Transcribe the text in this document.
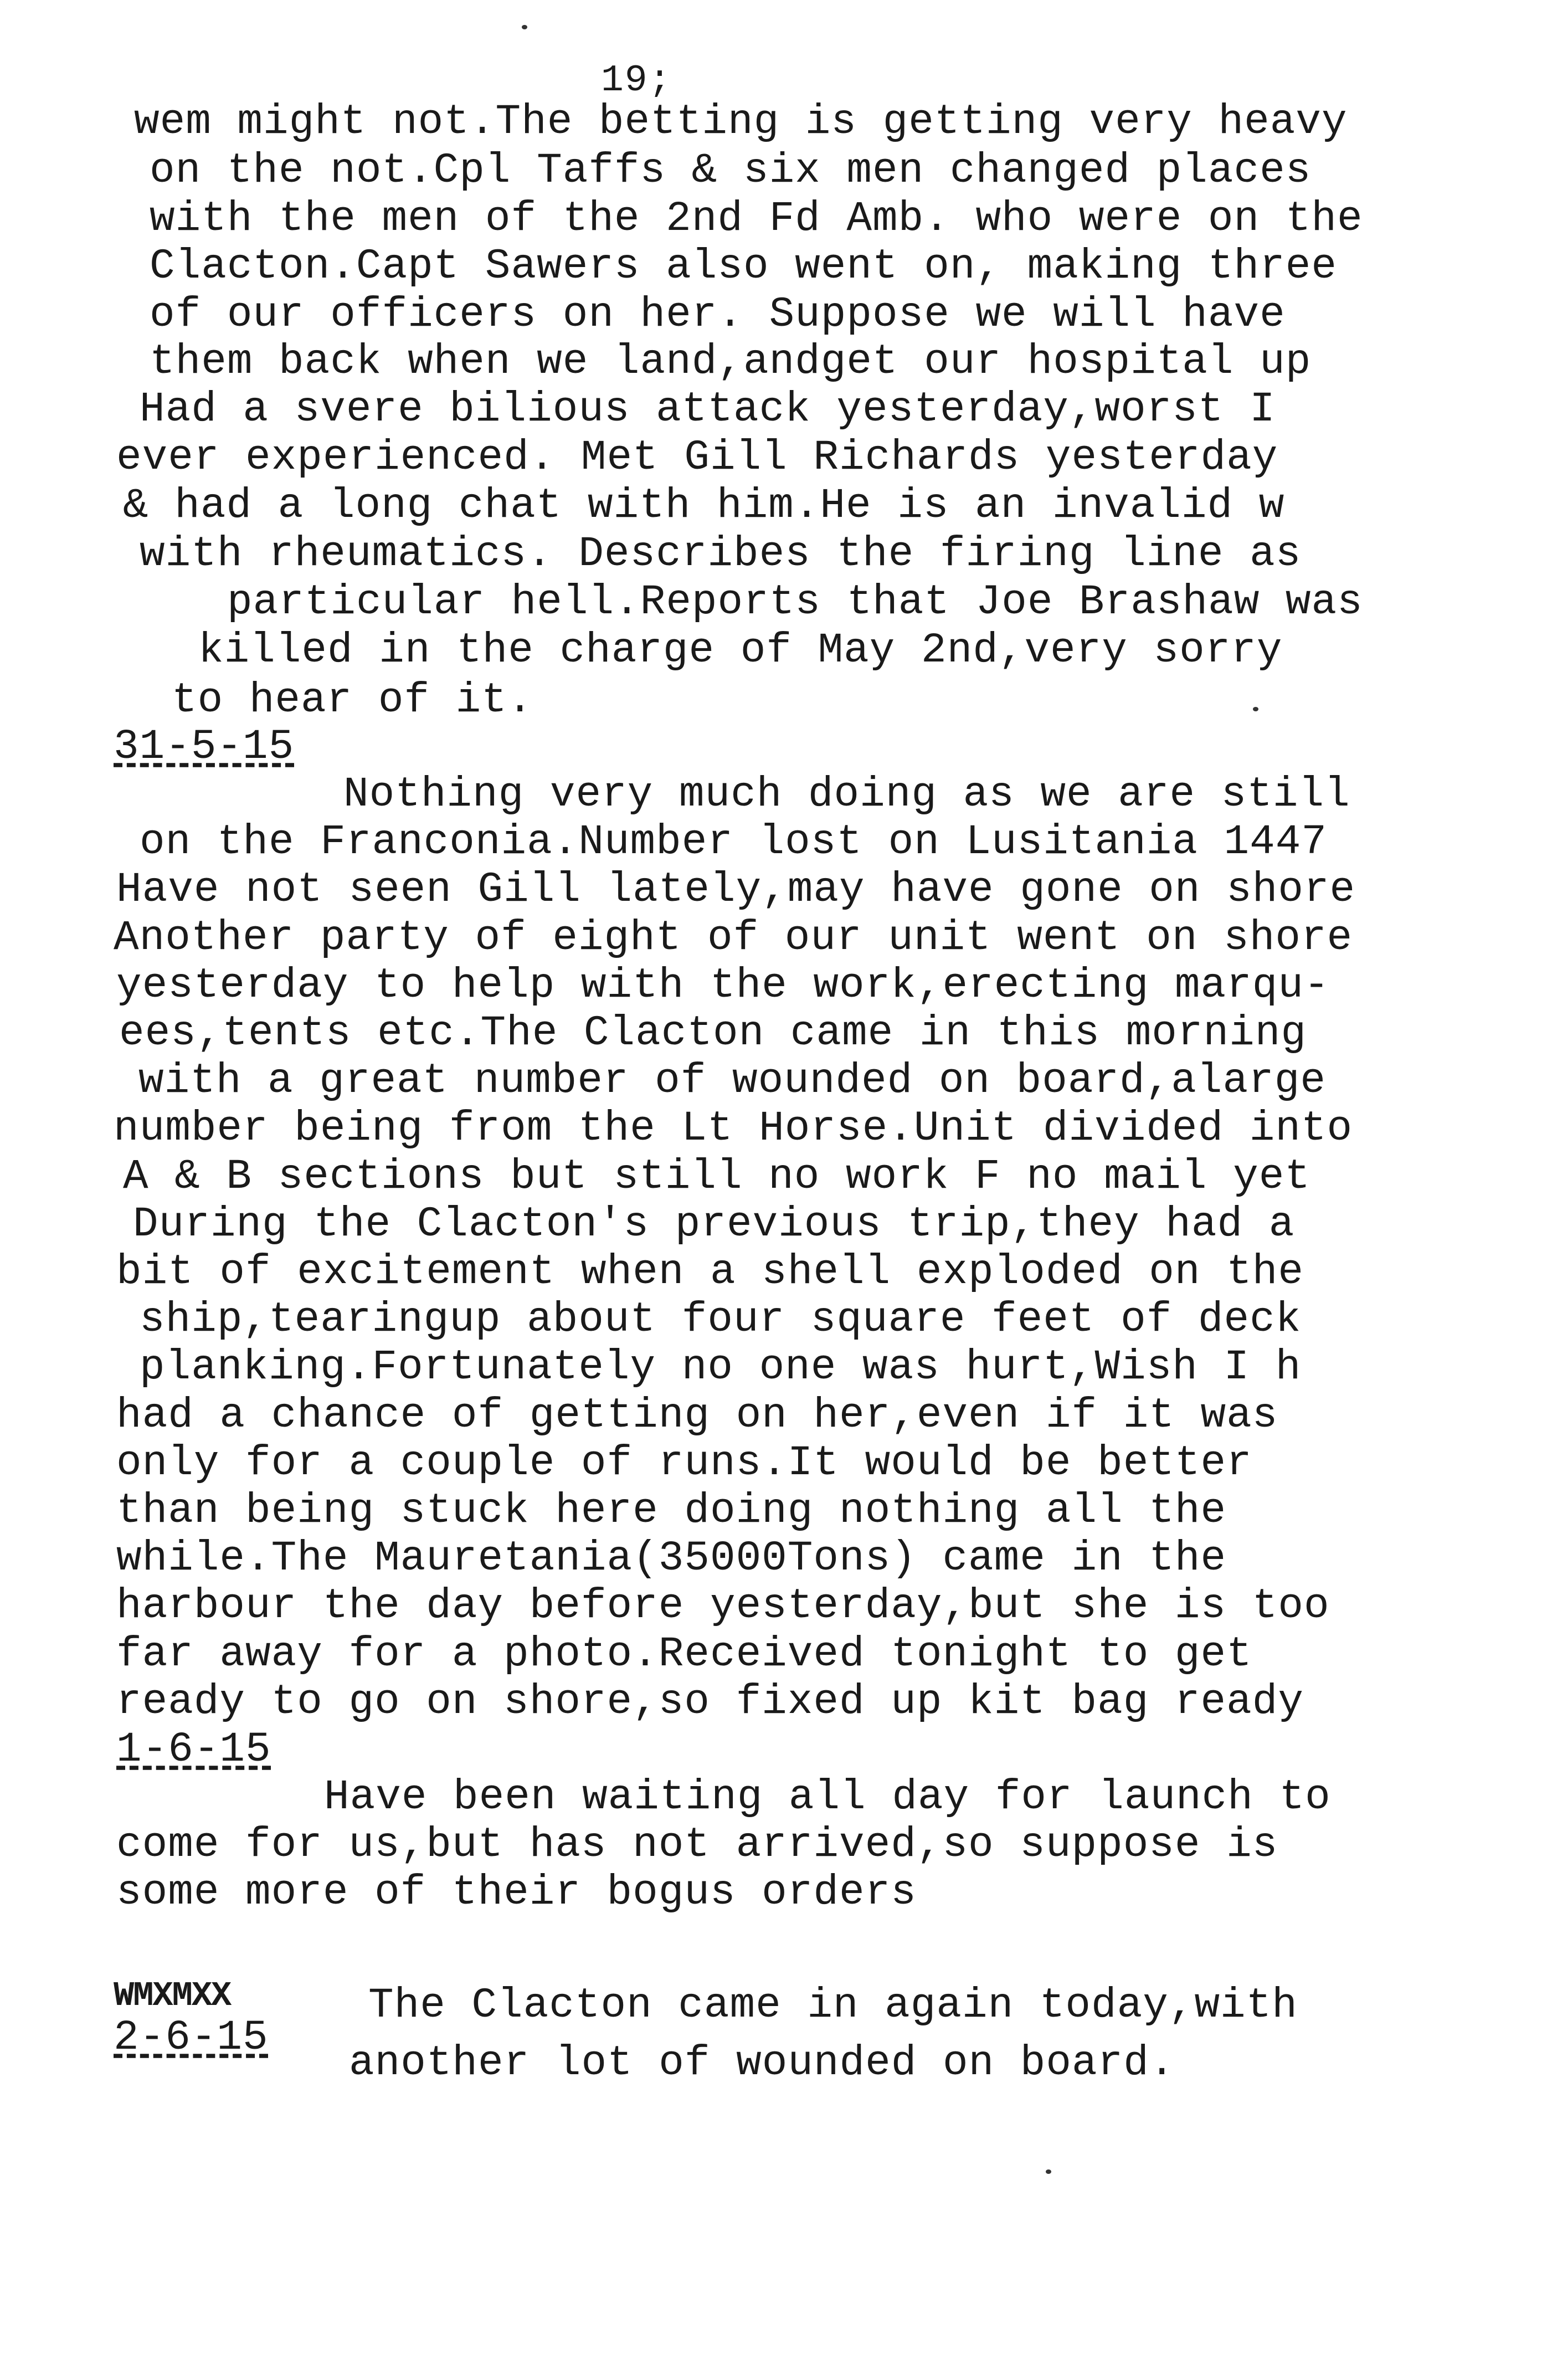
19;
wem might not.The betting is getting very heavy
on the not.Cpl Taffs & six men changed places
with the men of the 2nd Fd Amb. who were on the
Clacton.Capt Sawers also went on, making three
of our officers on her. Suppose we will have
them back when we land,andget our hospital up
Had a svere bilious attack yesterday,worst I
ever experienced. Met Gill Richards yesterday
& had a long chat with him.He is an invalid w
with rheumatics. Describes the firing line as
particular hell.Reports that Joe Brashaw was
killed in the charge of May 2nd,very sorry
to hear of it.
31-5-15
Nothing very much doing as we are still
on the Franconia.Number lost on Lusitania 1447
Have not seen Gill lately,may have gone on shore
Another party of eight of our unit went on shore
yesterday to help with the work,erecting marqu-
ees,tents etc.The Clacton came in this morning
with a great number of wounded on board,alarge
number being from the Lt Horse.Unit divided into
A & B sections but still no work F no mail yet
During the Clacton's previous trip,they had a
bit of excitement when a shell exploded on the
ship,tearingup about four square feet of deck
planking.Fortunately no one was hurt,Wish I h
had a chance of getting on her,even if it was
only for a couple of runs.It would be better
than being stuck here doing nothing all the
while.The Mauretania(35000Tons) came in the
harbour the day before yesterday,but she is too
far away for a photo.Received tonight to get
ready to go on shore,so fixed up kit bag ready
1-6-15
Have been waiting all day for launch to
come for us,but has not arrived,so suppose is
some more of their bogus orders
WMXMXX
2-6-15
The Clacton came in again today,with
another lot of wounded on board.
